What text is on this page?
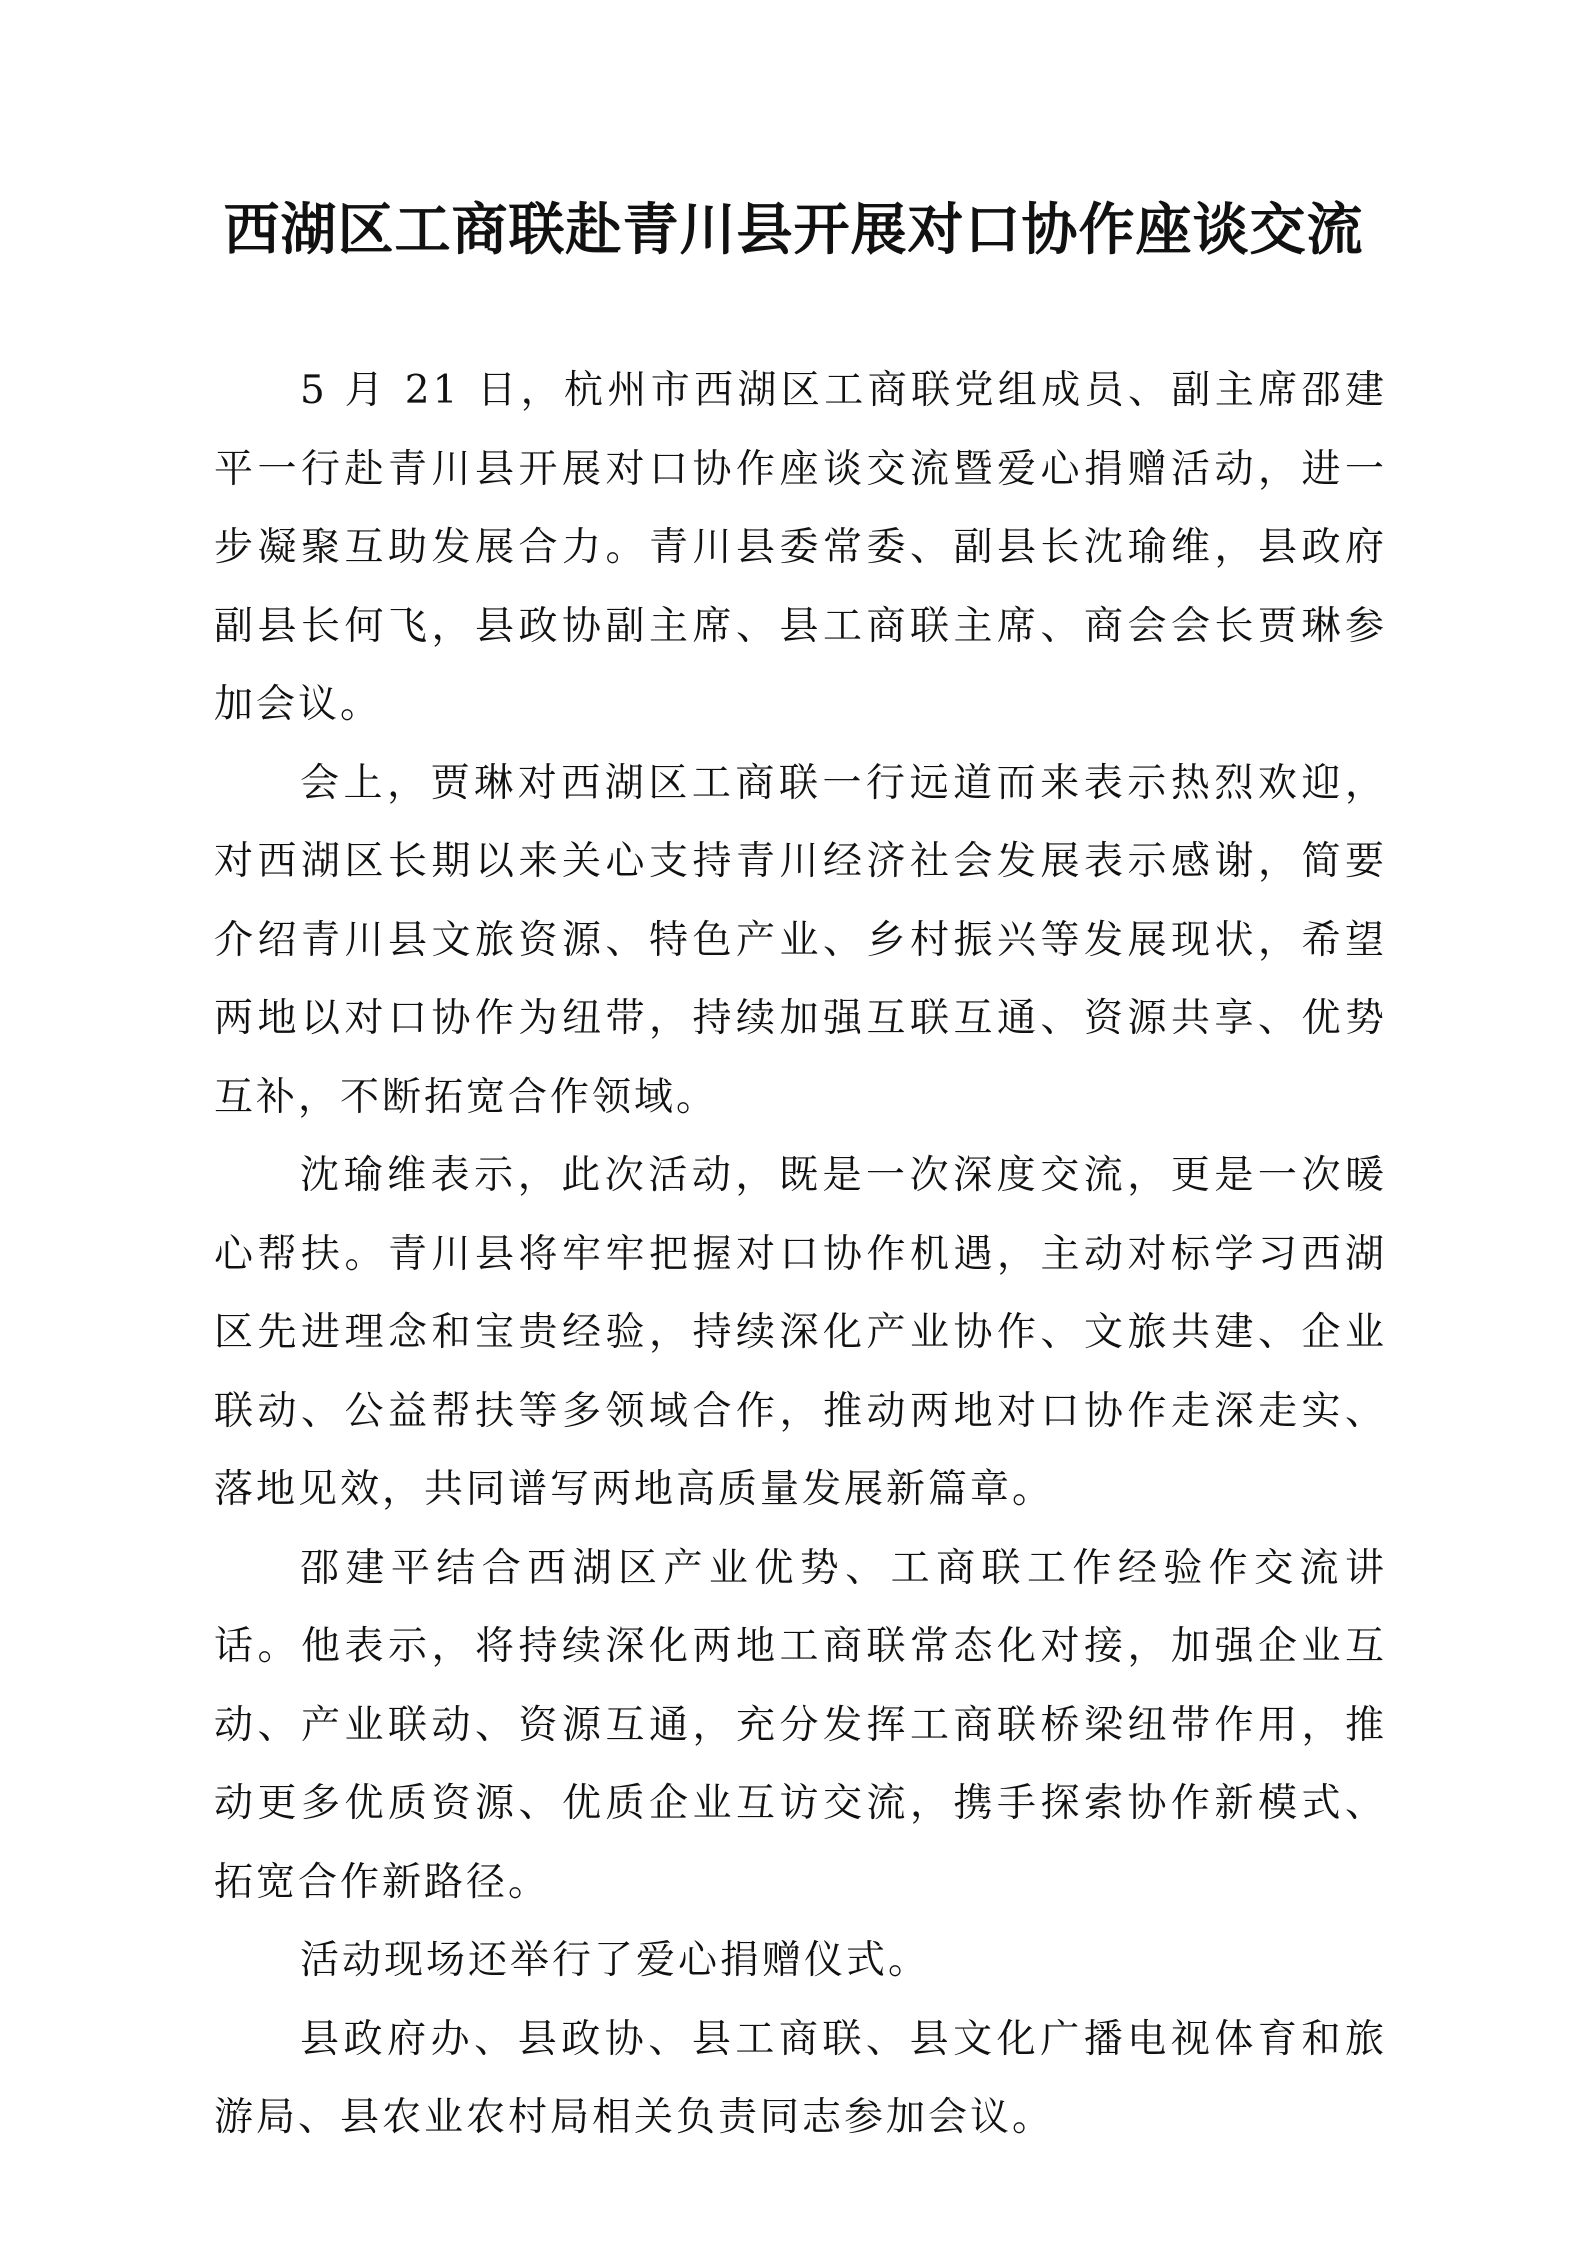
西湖区工商联赴青川县开展对口协作座谈交流

5 月 21 日，杭州市西湖区工商联党组成员、副主席邵建平一行赴青川县开展对口协作座谈交流暨爱心捐赠活动，进一步凝聚互助发展合力。青川县委常委、副县长沈瑜维，县政府副县长何飞，县政协副主席、县工商联主席、商会会长贾琳参加会议。

会上，贾琳对西湖区工商联一行远道而来表示热烈欢迎，对西湖区长期以来关心支持青川经济社会发展表示感谢，简要介绍青川县文旅资源、特色产业、乡村振兴等发展现状，希望两地以对口协作为纽带，持续加强互联互通、资源共享、优势互补，不断拓宽合作领域。

沈瑜维表示，此次活动，既是一次深度交流，更是一次暖心帮扶。青川县将牢牢把握对口协作机遇，主动对标学习西湖区先进理念和宝贵经验，持续深化产业协作、文旅共建、企业联动、公益帮扶等多领域合作，推动两地对口协作走深走实、落地见效，共同谱写两地高质量发展新篇章。

邵建平结合西湖区产业优势、工商联工作经验作交流讲话。他表示，将持续深化两地工商联常态化对接，加强企业互动、产业联动、资源互通，充分发挥工商联桥梁纽带作用，推动更多优质资源、优质企业互访交流，携手探索协作新模式、拓宽合作新路径。

活动现场还举行了爱心捐赠仪式。

县政府办、县政协、县工商联、县文化广播电视体育和旅游局、县农业农村局相关负责同志参加会议。
